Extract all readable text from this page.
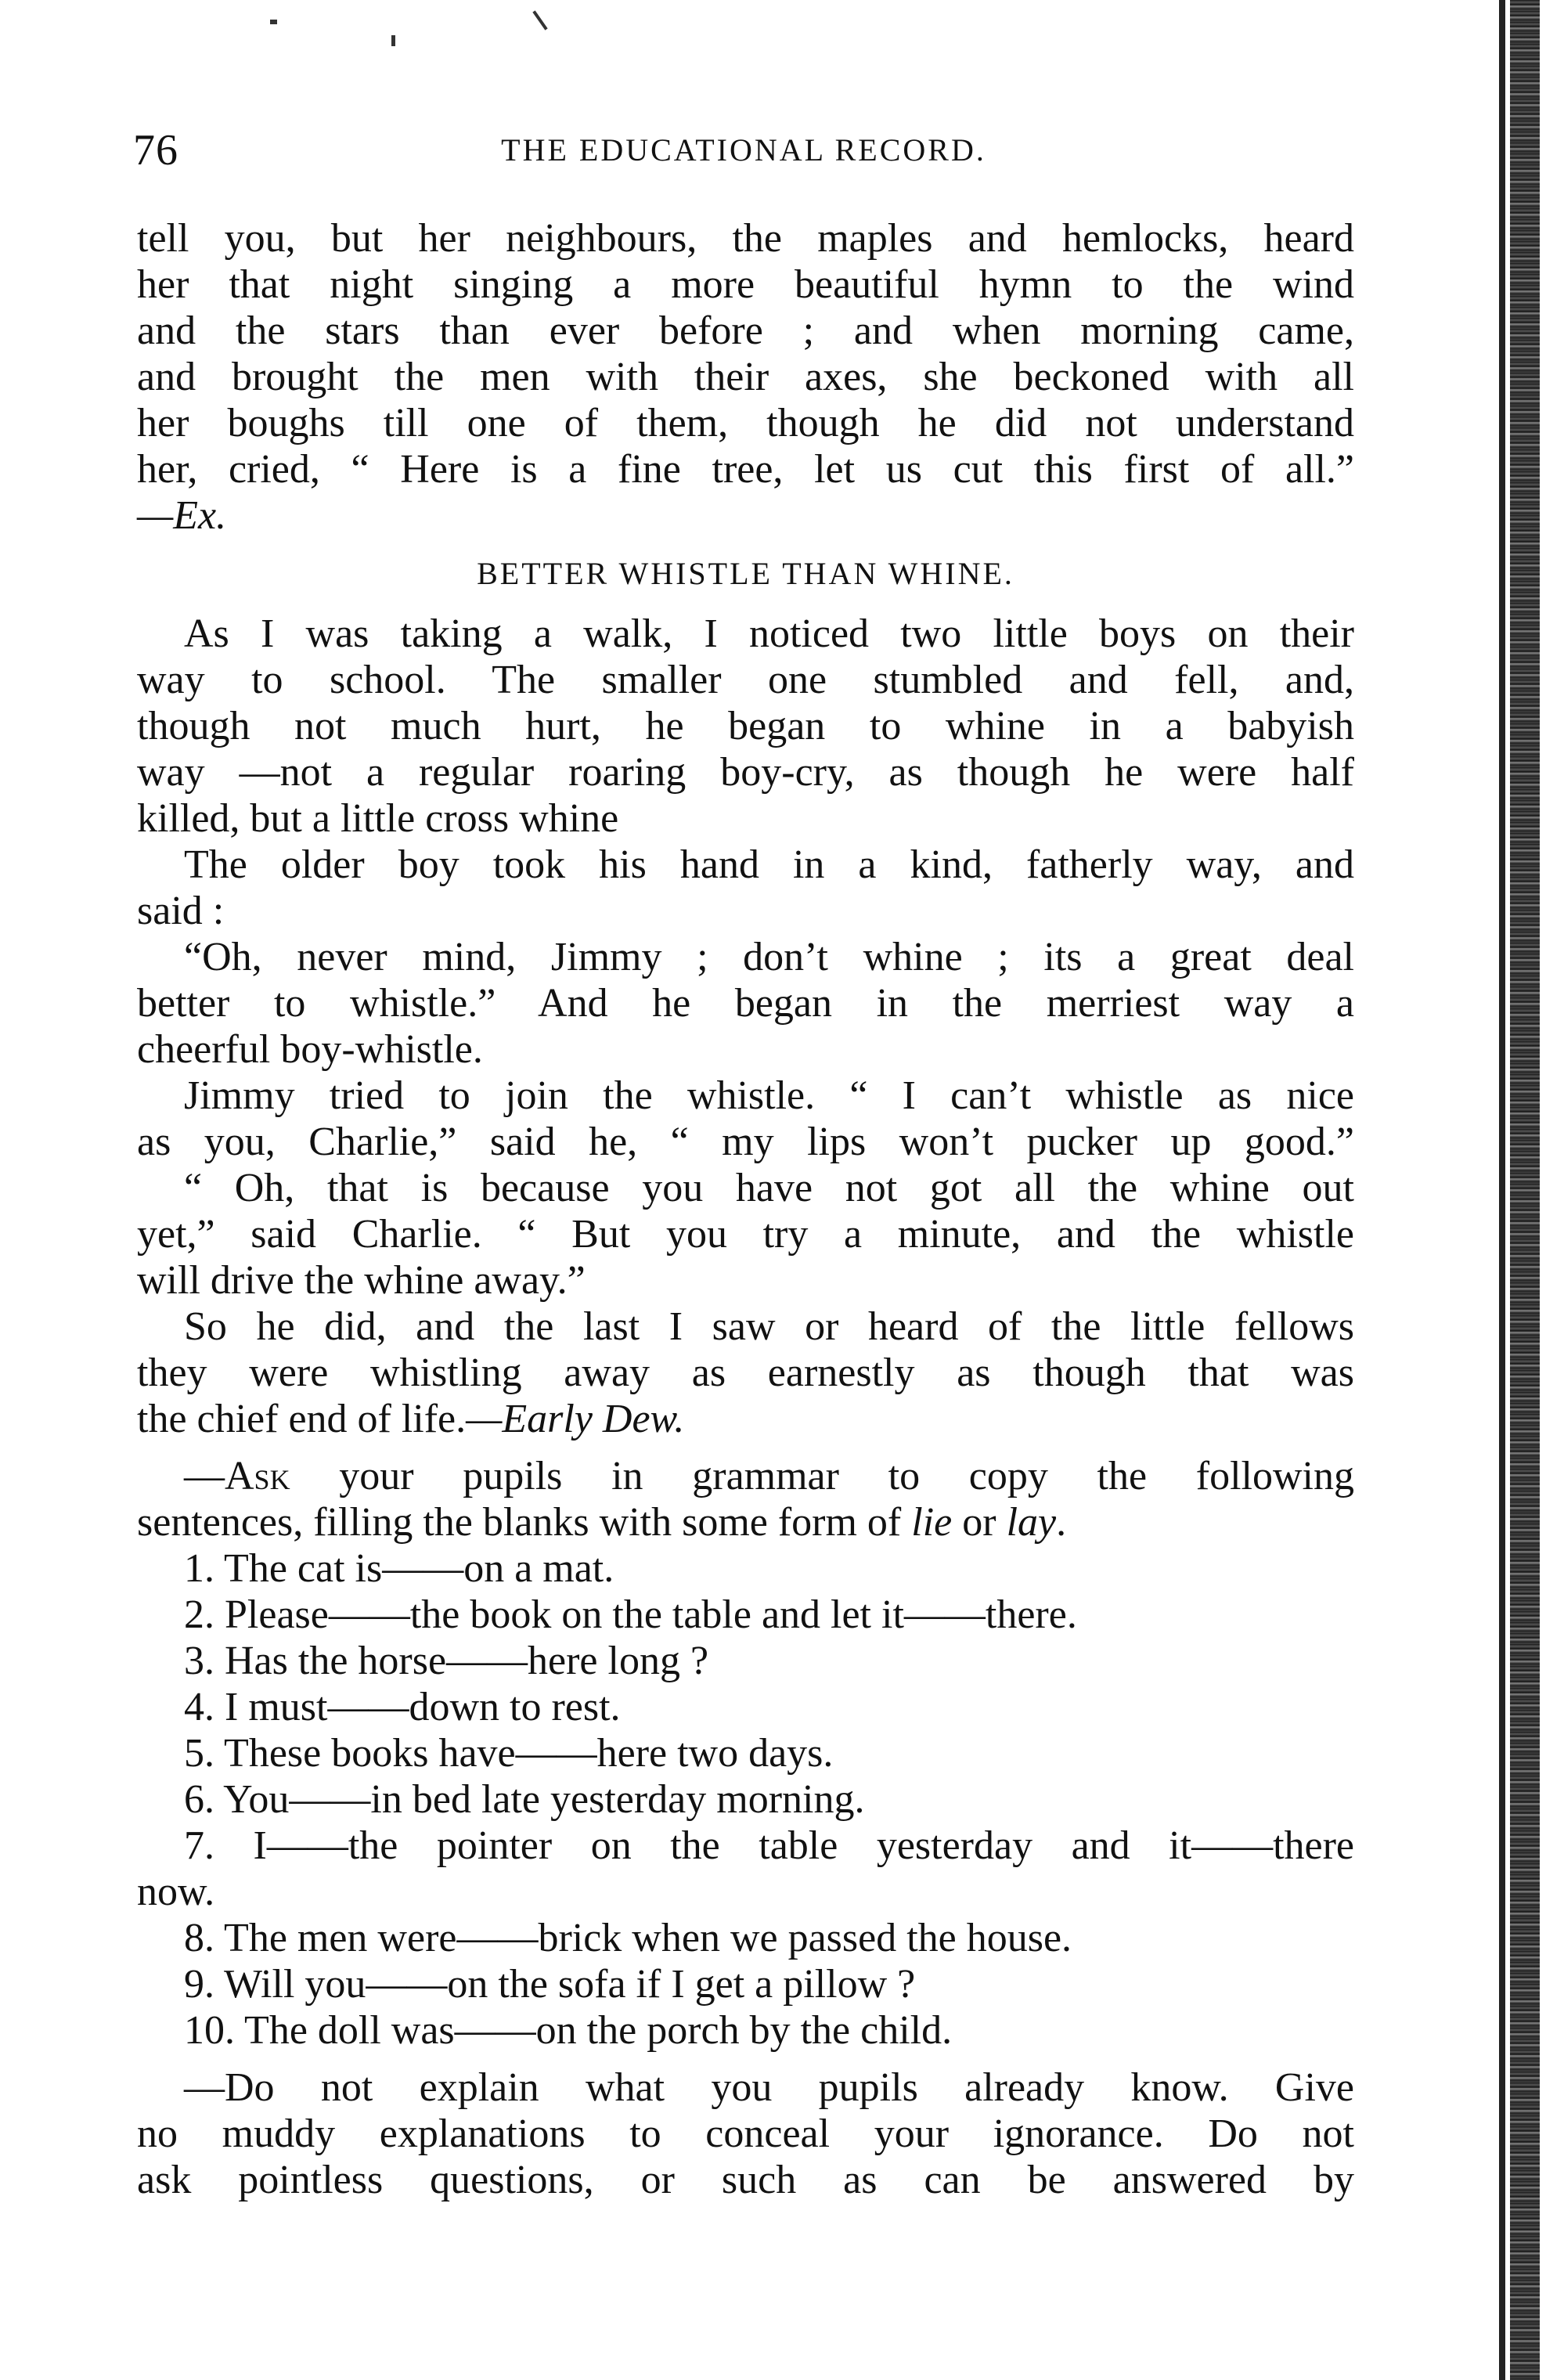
76	THE EDUCATIONAL RECORD.
tell you, but her neighbours, the maples and hemlocks, heard
her that night singing a more beautiful hymn to the wind
and the stars than ever before ; and when morning came,
and brought the men with their axes, she beckoned with all
her boughs till one of them, though he did not understand
her, cried, “ Here is a fine tree, let us cut this first of all.”
—Ex.
BETTER WHISTLE THAN WHINE.
As I was taking a walk, I noticed two little boys on their
way to school. The smaller one stumbled and fell, and,
though not much hurt, he began to whine in a babyish
way —not a regular roaring boy-cry, as though he were half
killed, but a little cross whine
The older boy took his hand in a kind, fatherly way, and
said :
“Oh, never mind, Jimmy ; don’t whine ; its a great deal
better to whistle.” And he began in the merriest way a
cheerful boy-whistle.
Jimmy tried to join the whistle. “ I can’t whistle as nice
as you, Charlie,” said he, “ my lips won’t pucker up good.”
“ Oh, that is because you have not got all the whine out
yet,” said Charlie. “ But you try a minute, and the whistle
will drive the whine away.”
So he did, and the last I saw or heard of the little fellows
they were whistling away as earnestly as though that was
the chief end of life.—Early Dew.
—Ask your pupils in grammar to copy the following
sentences, filling the blanks with some form of lie or lay.
1. The cat is——on a mat.
2. Please——the book on the table and let it——there.
3. Has the horse——here long ?
4. I must——down to rest.
5. These books have——here two days.
6. You——in bed late yesterday morning.
7. I——the pointer on the table yesterday and it——there
now.
8. The men were——brick when we passed the house.
9. Will you——on the sofa if I get a pillow ?
10. The doll was——on the porch by the child.
—Do not explain what you pupils already know. Give
no muddy explanations to conceal your ignorance. Do not
ask pointless questions, or such as can be answered by
